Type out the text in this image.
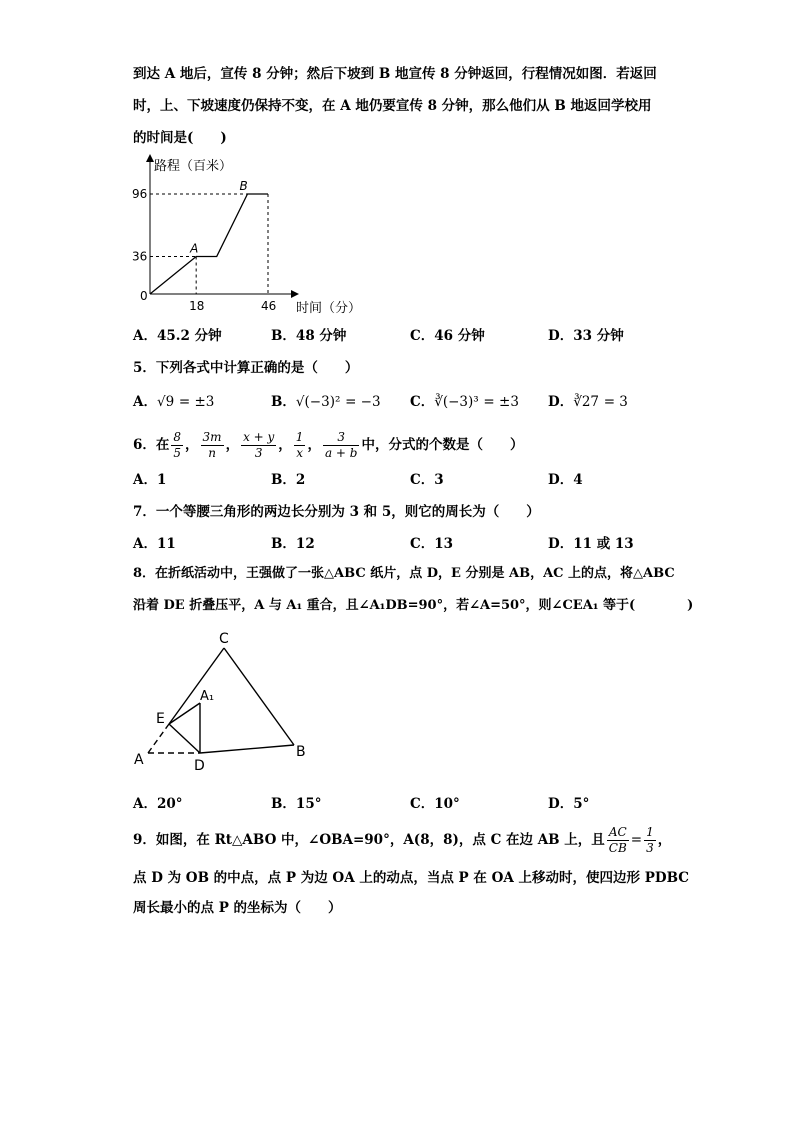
到达 A 地后，宣传 8 分钟；然后下坡到 B 地宣传 8 分钟返回，行程情况如图．若返回
时，上、下坡速度仍保持不变，在 A 地仍要宣传 8 分钟，那么他们从 B 地返回学校用
的时间是(　　)
36
96
18	46
A
B
路程（百米）
时间（分）
0
A．45.2 分钟	B．48 分钟	C．46 分钟	D．33 分钟
5．下列各式中计算正确的是（　　）
A．√9 = ±3	B．√(−3)² = −3 C．∛(−3)³ = ±3 D．∛27 = 3
6．在 $\frac{8}{5}$ ， $\frac{3m}{n}$ ， $\frac{x + y}{3}$ ， $\frac{1}{x}$ ， $\frac{3}{a + b}$ 中，分式的个数是（　　）
A．1	B．2	C．3	D．4
7．一个等腰三角形的两边长分别为 3 和 5，则它的周长为（　　）
A．11	B．12	C．13	D．11 或 13
8．在折纸活动中，王强做了一张△ABC 纸片，点 D，E 分别是 AB，AC 上的点，将△ABC
沿着 DE 折叠压平，A 与 A₁ 重合，且∠A₁DB=90°，若∠A=50°，则∠CEA₁ 等于(　　　　)
C
A₁
E
A	D
B
A．20°	B．15°	C．10°	D．5°
9．如图，在 Rt△ABO 中，∠OBA=90°，A(8，8)，点 C 在边 AB 上，且 $\frac{AC}{CB} = \frac{1}{3}$ ，
点 D 为 OB 的中点，点 P 为边 OA 上的动点，当点 P 在 OA 上移动时，使四边形 PDBC
周长最小的点 P 的坐标为（　　）
